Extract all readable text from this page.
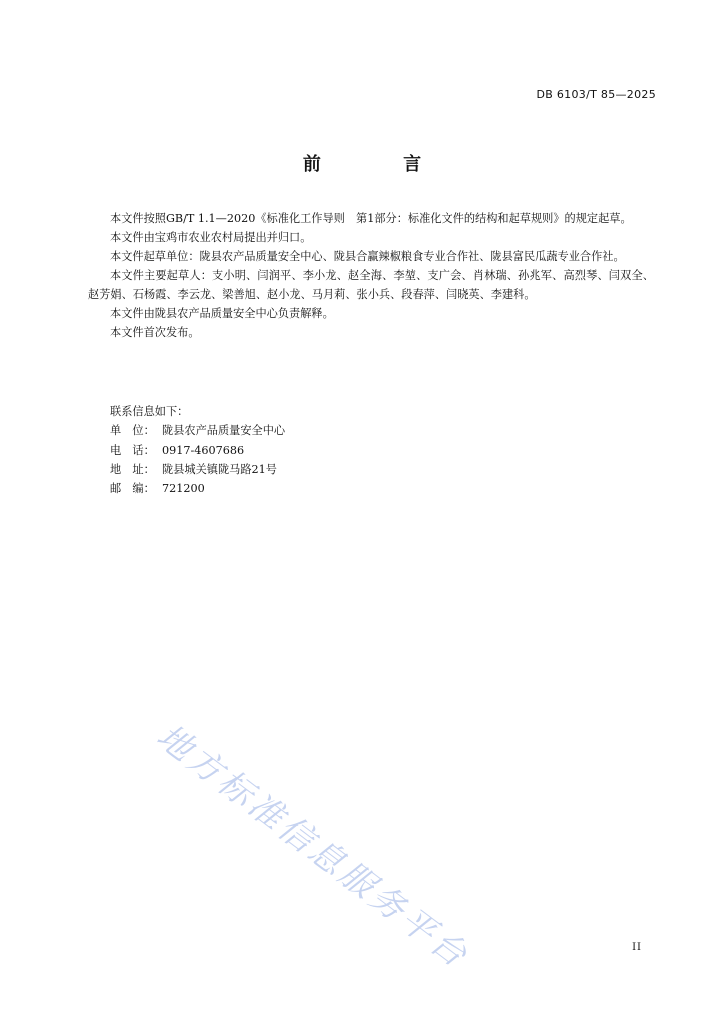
DB 6103/T 85—2025
前 言

本文件按照GB/T 1.1—2020《标准化工作导则　第1部分：标准化文件的结构和起草规则》的规定起草。

本文件由宝鸡市农业农村局提出并归口。

本文件起草单位：陇县农产品质量安全中心、陇县合赢辣椒粮食专业合作社、陇县富民瓜蔬专业合作社。

本文件主要起草人：支小明、闫润平、李小龙、赵全海、李堃、支广会、肖林瑞、孙兆军、高烈琴、闫双全、赵芳娟、石杨霞、李云龙、梁善旭、赵小龙、马月莉、张小兵、段春萍、闫晓英、李建科。

本文件由陇县农产品质量安全中心负责解释。

本文件首次发布。

联系信息如下：
单　位： 陇县农产品质量安全中心
电　话： 0917-4607686
地　址： 陇县城关镇陇马路21号
邮　编： 721200
地方标准信息服务平台	II
